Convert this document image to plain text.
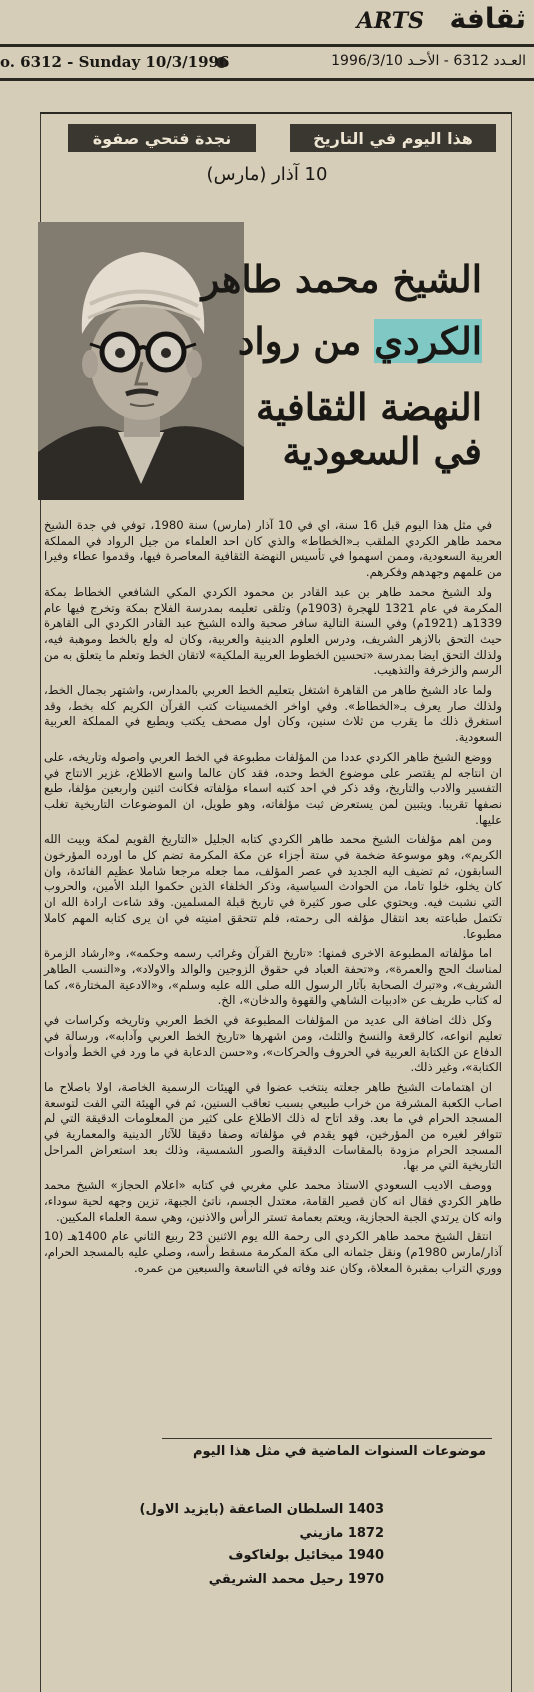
ثقافة
ARTS
العـدد 6312 - الأحـد 1996/3/10
o. 6312 - Sunday 10/3/1996
هذا اليوم في التاريخ
نجدة فتحي صفوة
10 آذار (مارس)
الشيخ محمد طاهر
الكردي من رواد
النهضة الثقافية
في السعودية

في مثل هذا اليوم قبل 16 سنة، اي في 10 آذار (مارس) سنة 1980، توفي في جدة الشيخ محمد طاهر الكردي الملقب بـ«الخطاط» والذي كان احد العلماء من جيل الرواد في المملكة العربية السعودية، وممن اسهموا في تأسيس النهضة الثقافية المعاصرة فيها، وقدموا عطاء وفيرا من علمهم وجهدهم وفكرهم.

ولد الشيخ محمد طاهر بن عبد القادر بن محمود الكردي المكي الشافعي الخطاط بمكة المكرمة في عام 1321 للهجرة (1903م) وتلقى تعليمه بمدرسة الفلاح بمكة وتخرج فيها عام 1339هـ (1921م) وفي السنة التالية سافر صحبة والده الشيخ عبد القادر الكردي الى القاهرة حيث التحق بالازهر الشريف، ودرس العلوم الدينية والعربية، وكان له ولع بالخط وموهبة فيه، ولذلك التحق ايضا بمدرسة «تحسين الخطوط العربية الملكية» لاتقان الخط وتعلم ما يتعلق به من الرسم والزخرفة والتذهيب.

ولما عاد الشيخ طاهر من القاهرة اشتغل بتعليم الخط العربي بالمدارس، واشتهر بجمال الخط، ولذلك صار يعرف بـ«الخطاط». وفي اواخر الخمسينات كتب القرآن الكريم كله بخط، وقد استغرق ذلك ما يقرب من ثلاث سنين، وكان اول مصحف يكتب ويطبع في المملكة العربية السعودية.

ووضع الشيخ طاهر الكردي عددا من المؤلفات مطبوعة في الخط العربي واصوله وتاريخه، على ان انتاجه لم يقتصر على موضوع الخط وحده، فقد كان عالما واسع الاطلاع، غزير الانتاج في التفسير والادب والتاريخ، وقد ذكر في احد كتبه اسماء مؤلفاته فكانت اثنين واربعين مؤلفا، طبع نصفها تقريبا. ويتبين لمن يستعرض ثبت مؤلفاته، وهو طويل، ان الموضوعات التاريخية تغلب عليها.

ومن اهم مؤلفات الشيخ محمد طاهر الكردي كتابه الجليل «التاريخ القويم لمكة وبيت الله الكريم»، وهو موسوعة ضخمة في ستة أجزاء عن مكة المكرمة تضم كل ما اورده المؤرخون السابقون، ثم تضيف اليه الجديد في عصر المؤلف، مما جعله مرجعا شاملا عظيم الفائدة، وان كان يخلو، خلوا تاما، من الحوادث السياسية، وذكر الخلفاء الذين حكموا البلد الأمين، والحروب التي نشبت فيه. ويحتوي على صور كثيرة في تاريخ قبلة المسلمين. وقد شاءت ارادة الله ان تكتمل طباعته بعد انتقال مؤلفه الى رحمته، فلم تتحقق امنيته في ان يرى كتابه المهم كاملا مطبوعا.

اما مؤلفاته المطبوعة الاخرى فمنها: «تاريخ القرآن وغرائب رسمه وحكمه»، و«ارشاد الزمرة لمناسك الحج والعمرة»، و«تحفة العباد في حقوق الزوجين والوالد والاولاد»، و«النسب الطاهر الشريف»، و«تبرك الصحابة بآثار الرسول الله صلى الله عليه وسلم»، و«الادعية المختارة»، كما له كتاب طريف عن «ادبيات الشاهي والقهوة والدخان»، الخ.

وكل ذلك اضافة الى عديد من المؤلفات المطبوعة في الخط العربي وتاريخه وكراسات في تعليم انواعه، كالرقعة والنسخ والثلث، ومن اشهرها «تاريخ الخط العربي وآدابه»، ورسالة في الدفاع عن الكتابة العربية في الحروف والحركات»، و«حسن الدعابة في ما ورد في الخط وأدوات الكتابة»، وغير ذلك.

ان اهتمامات الشيخ طاهر جعلته ينتخب عضوا في الهيئات الرسمية الخاصة، اولا باصلاح ما اصاب الكعبة المشرفة من خراب طبيعي بسبب تعاقب السنين، ثم في الهيئة التي الفت لتوسعة المسجد الحرام في ما بعد. وقد اتاح له ذلك الاطلاع على كثير من المعلومات الدقيقة التي لم تتوافر لغيره من المؤرخين، فهو يقدم في مؤلفاته وصفا دقيقا للآثار الدينية والمعمارية في المسجد الحرام مزودة بالمقاسات الدقيقة والصور الشمسية، وذلك بعد استعراض المراحل التاريخية التي مر بها.

ووصف الاديب السعودي الاستاذ محمد علي مغربي في كتابه «اعلام الحجاز» الشيخ محمد طاهر الكردي فقال انه كان قصير القامة، معتدل الجسم، ناتئ الجبهة، تزين وجهه لحية سوداء، وانه كان يرتدي الجبة الحجازية، ويعتم بعمامة تستر الرأس والاذنين، وهي سمة العلماء المكيين.

انتقل الشيخ محمد طاهر الكردي الى رحمة الله يوم الاثنين 23 ربيع الثاني عام 1400هـ (10 آذار/مارس 1980م) ونقل جثمانه الى مكة المكرمة مسقط رأسه، وصلي عليه بالمسجد الحرام، ووري التراب بمقبرة المعلاة، وكان عند وفاته في التاسعة والسبعين من عمره.

موضوعات السنوات الماضية في مثل هذا اليوم
1403 السلطان الصاعقة (بايزيد الاول)
1872 مازيني
1940 ميخائيل بولغاكوف
1970 رحيل محمد الشريقي
